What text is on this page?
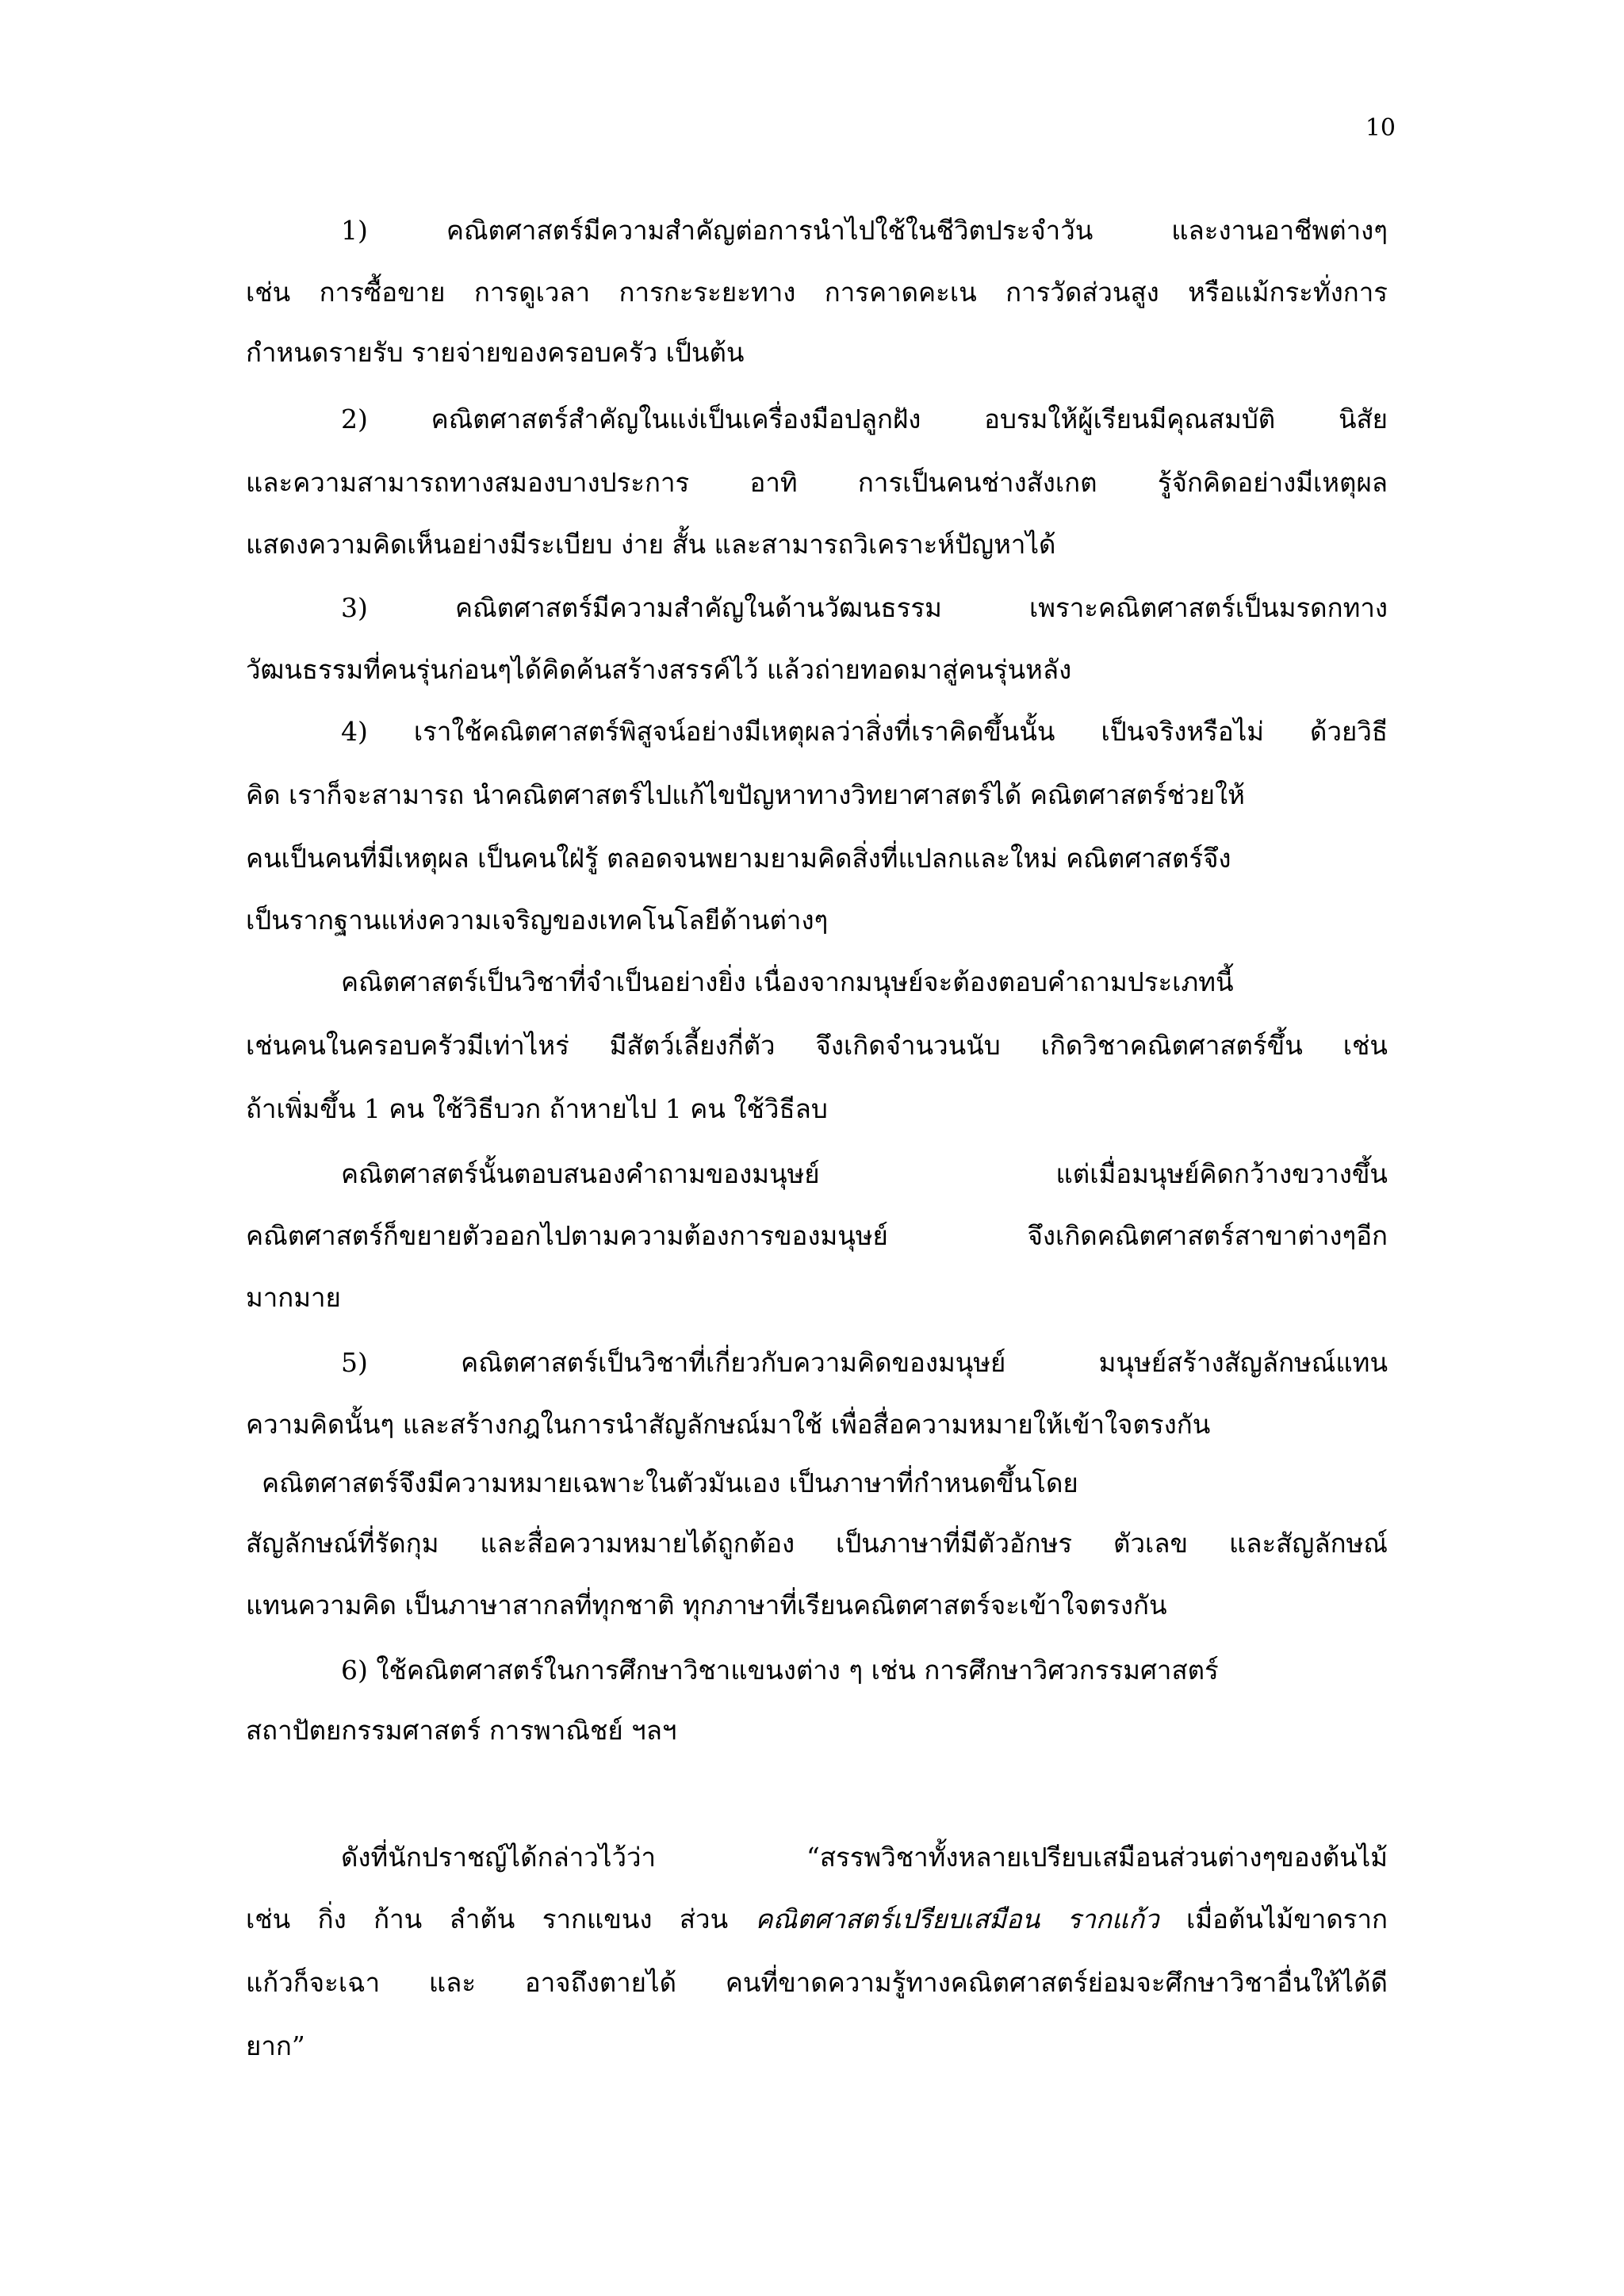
10
1) คณิตศาสตร์มีความสำคัญต่อการนำไปใช้ในชีวิตประจำวัน และงานอาชีพต่างๆ
เช่น การซื้อขาย การดูเวลา การกะระยะทาง การคาดคะเน การวัดส่วนสูง หรือแม้กระทั่งการ
กำหนดรายรับ รายจ่ายของครอบครัว เป็นต้น
2) คณิตศาสตร์สำคัญในแง่เป็นเครื่องมือปลูกฝัง อบรมให้ผู้เรียนมีคุณสมบัติ นิสัย
และความสามารถทางสมองบางประการ อาทิ การเป็นคนช่างสังเกต รู้จักคิดอย่างมีเหตุผล
แสดงความคิดเห็นอย่างมีระเบียบ ง่าย สั้น และสามารถวิเคราะห์ปัญหาได้
3) คณิตศาสตร์มีความสำคัญในด้านวัฒนธรรม เพราะคณิตศาสตร์เป็นมรดกทาง
วัฒนธรรมที่คนรุ่นก่อนๆได้คิดค้นสร้างสรรค์ไว้ แล้วถ่ายทอดมาสู่คนรุ่นหลัง
4) เราใช้คณิตศาสตร์พิสูจน์อย่างมีเหตุผลว่าสิ่งที่เราคิดขึ้นนั้น เป็นจริงหรือไม่ ด้วยวิธี
คิด เราก็จะสามารถ นำคณิตศาสตร์ไปแก้ไขปัญหาทางวิทยาศาสตร์ได้ คณิตศาสตร์ช่วยให้
คนเป็นคนที่มีเหตุผล เป็นคนใฝ่รู้ ตลอดจนพยามยามคิดสิ่งที่แปลกและใหม่ คณิตศาสตร์จึง
เป็นรากฐานแห่งความเจริญของเทคโนโลยีด้านต่างๆ
คณิตศาสตร์เป็นวิชาที่จำเป็นอย่างยิ่ง เนื่องจากมนุษย์จะต้องตอบคำถามประเภทนี้
เช่นคนในครอบครัวมีเท่าไหร่ มีสัตว์เลี้ยงกี่ตัว จึงเกิดจำนวนนับ เกิดวิชาคณิตศาสตร์ขึ้น เช่น
ถ้าเพิ่มขึ้น 1 คน ใช้วิธีบวก ถ้าหายไป 1 คน ใช้วิธีลบ
คณิตศาสตร์นั้นตอบสนองคำถามของมนุษย์ แต่เมื่อมนุษย์คิดกว้างขวางขึ้น
คณิตศาสตร์ก็ขยายตัวออกไปตามความต้องการของมนุษย์ จึงเกิดคณิตศาสตร์สาขาต่างๆอีก
มากมาย
5) คณิตศาสตร์เป็นวิชาที่เกี่ยวกับความคิดของมนุษย์ มนุษย์สร้างสัญลักษณ์แทน
ความคิดนั้นๆ และสร้างกฎในการนำสัญลักษณ์มาใช้ เพื่อสื่อความหมายให้เข้าใจตรงกัน
คณิตศาสตร์จึงมีความหมายเฉพาะในตัวมันเอง เป็นภาษาที่กำหนดขึ้นโดย
สัญลักษณ์ที่รัดกุม และสื่อความหมายได้ถูกต้อง เป็นภาษาที่มีตัวอักษร ตัวเลข และสัญลักษณ์
แทนความคิด เป็นภาษาสากลที่ทุกชาติ ทุกภาษาที่เรียนคณิตศาสตร์จะเข้าใจตรงกัน
6) ใช้คณิตศาสตร์ในการศึกษาวิชาแขนงต่าง ๆ เช่น การศึกษาวิศวกรรมศาสตร์
สถาปัตยกรรมศาสตร์ การพาณิชย์ ฯลฯ
ดังที่นักปราชญ์ได้กล่าวไว้ว่า “สรรพวิชาทั้งหลายเปรียบเสมือนส่วนต่างๆของต้นไม้
เช่น กิ่ง ก้าน ลำต้น รากแขนง ส่วน คณิตศาสตร์เปรียบเสมือน รากแก้ว เมื่อต้นไม้ขาดราก
แก้วก็จะเฉา และ อาจถึงตายได้ คนที่ขาดความรู้ทางคณิตศาสตร์ย่อมจะศึกษาวิชาอื่นให้ได้ดี
ยาก”
